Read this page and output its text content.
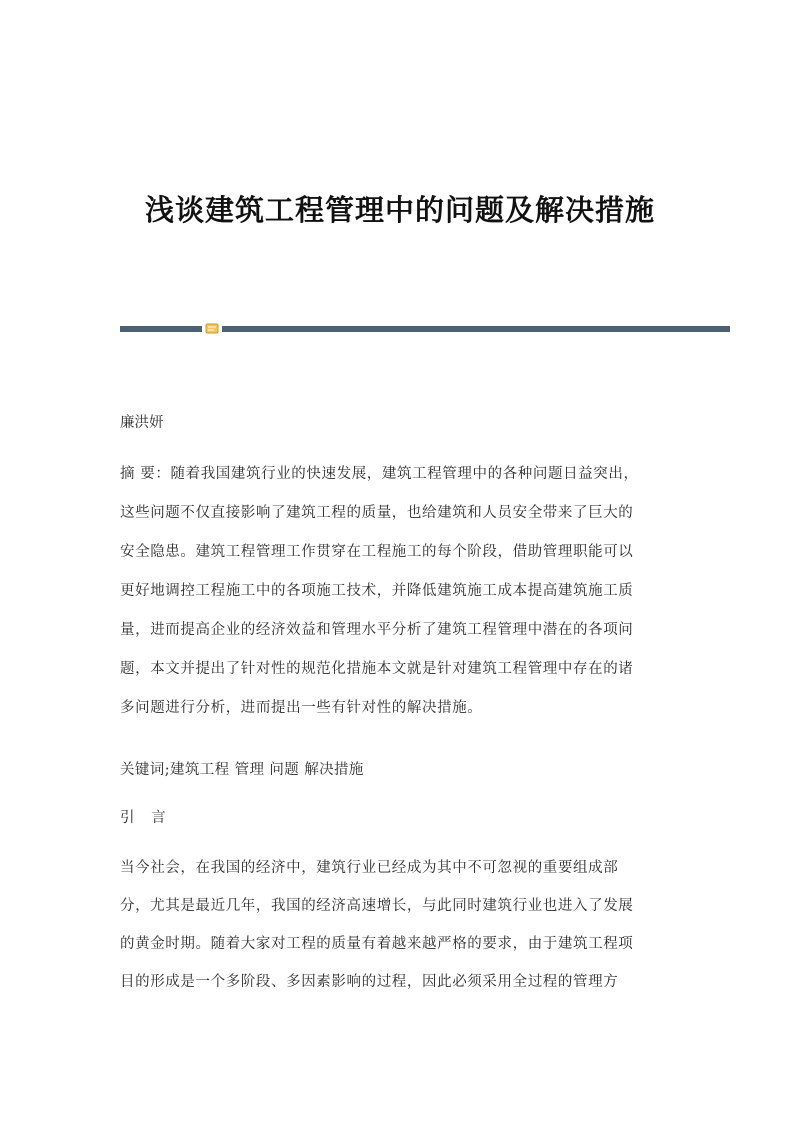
浅谈建筑工程管理中的问题及解决措施
廉洪妍

摘 要：随着我国建筑行业的快速发展，建筑工程管理中的各种问题日益突出，

这些问题不仅直接影响了建筑工程的质量，也给建筑和人员安全带来了巨大的

安全隐患。建筑工程管理工作贯穿在工程施工的每个阶段，借助管理职能可以

更好地调控工程施工中的各项施工技术，并降低建筑施工成本提高建筑施工质

量，进而提高企业的经济效益和管理水平分析了建筑工程管理中潜在的各项问

题，本文并提出了针对性的规范化措施本文就是针对建筑工程管理中存在的诸

多问题进行分析，进而提出一些有针对性的解决措施。

关键词;建筑工程 管理 问题 解决措施
引 言

当今社会，在我国的经济中，建筑行业已经成为其中不可忽视的重要组成部

分，尤其是最近几年，我国的经济高速增长，与此同时建筑行业也进入了发展

的黄金时期。随着大家对工程的质量有着越来越严格的要求，由于建筑工程项

目的形成是一个多阶段、多因素影响的过程，因此必须采用全过程的管理方
